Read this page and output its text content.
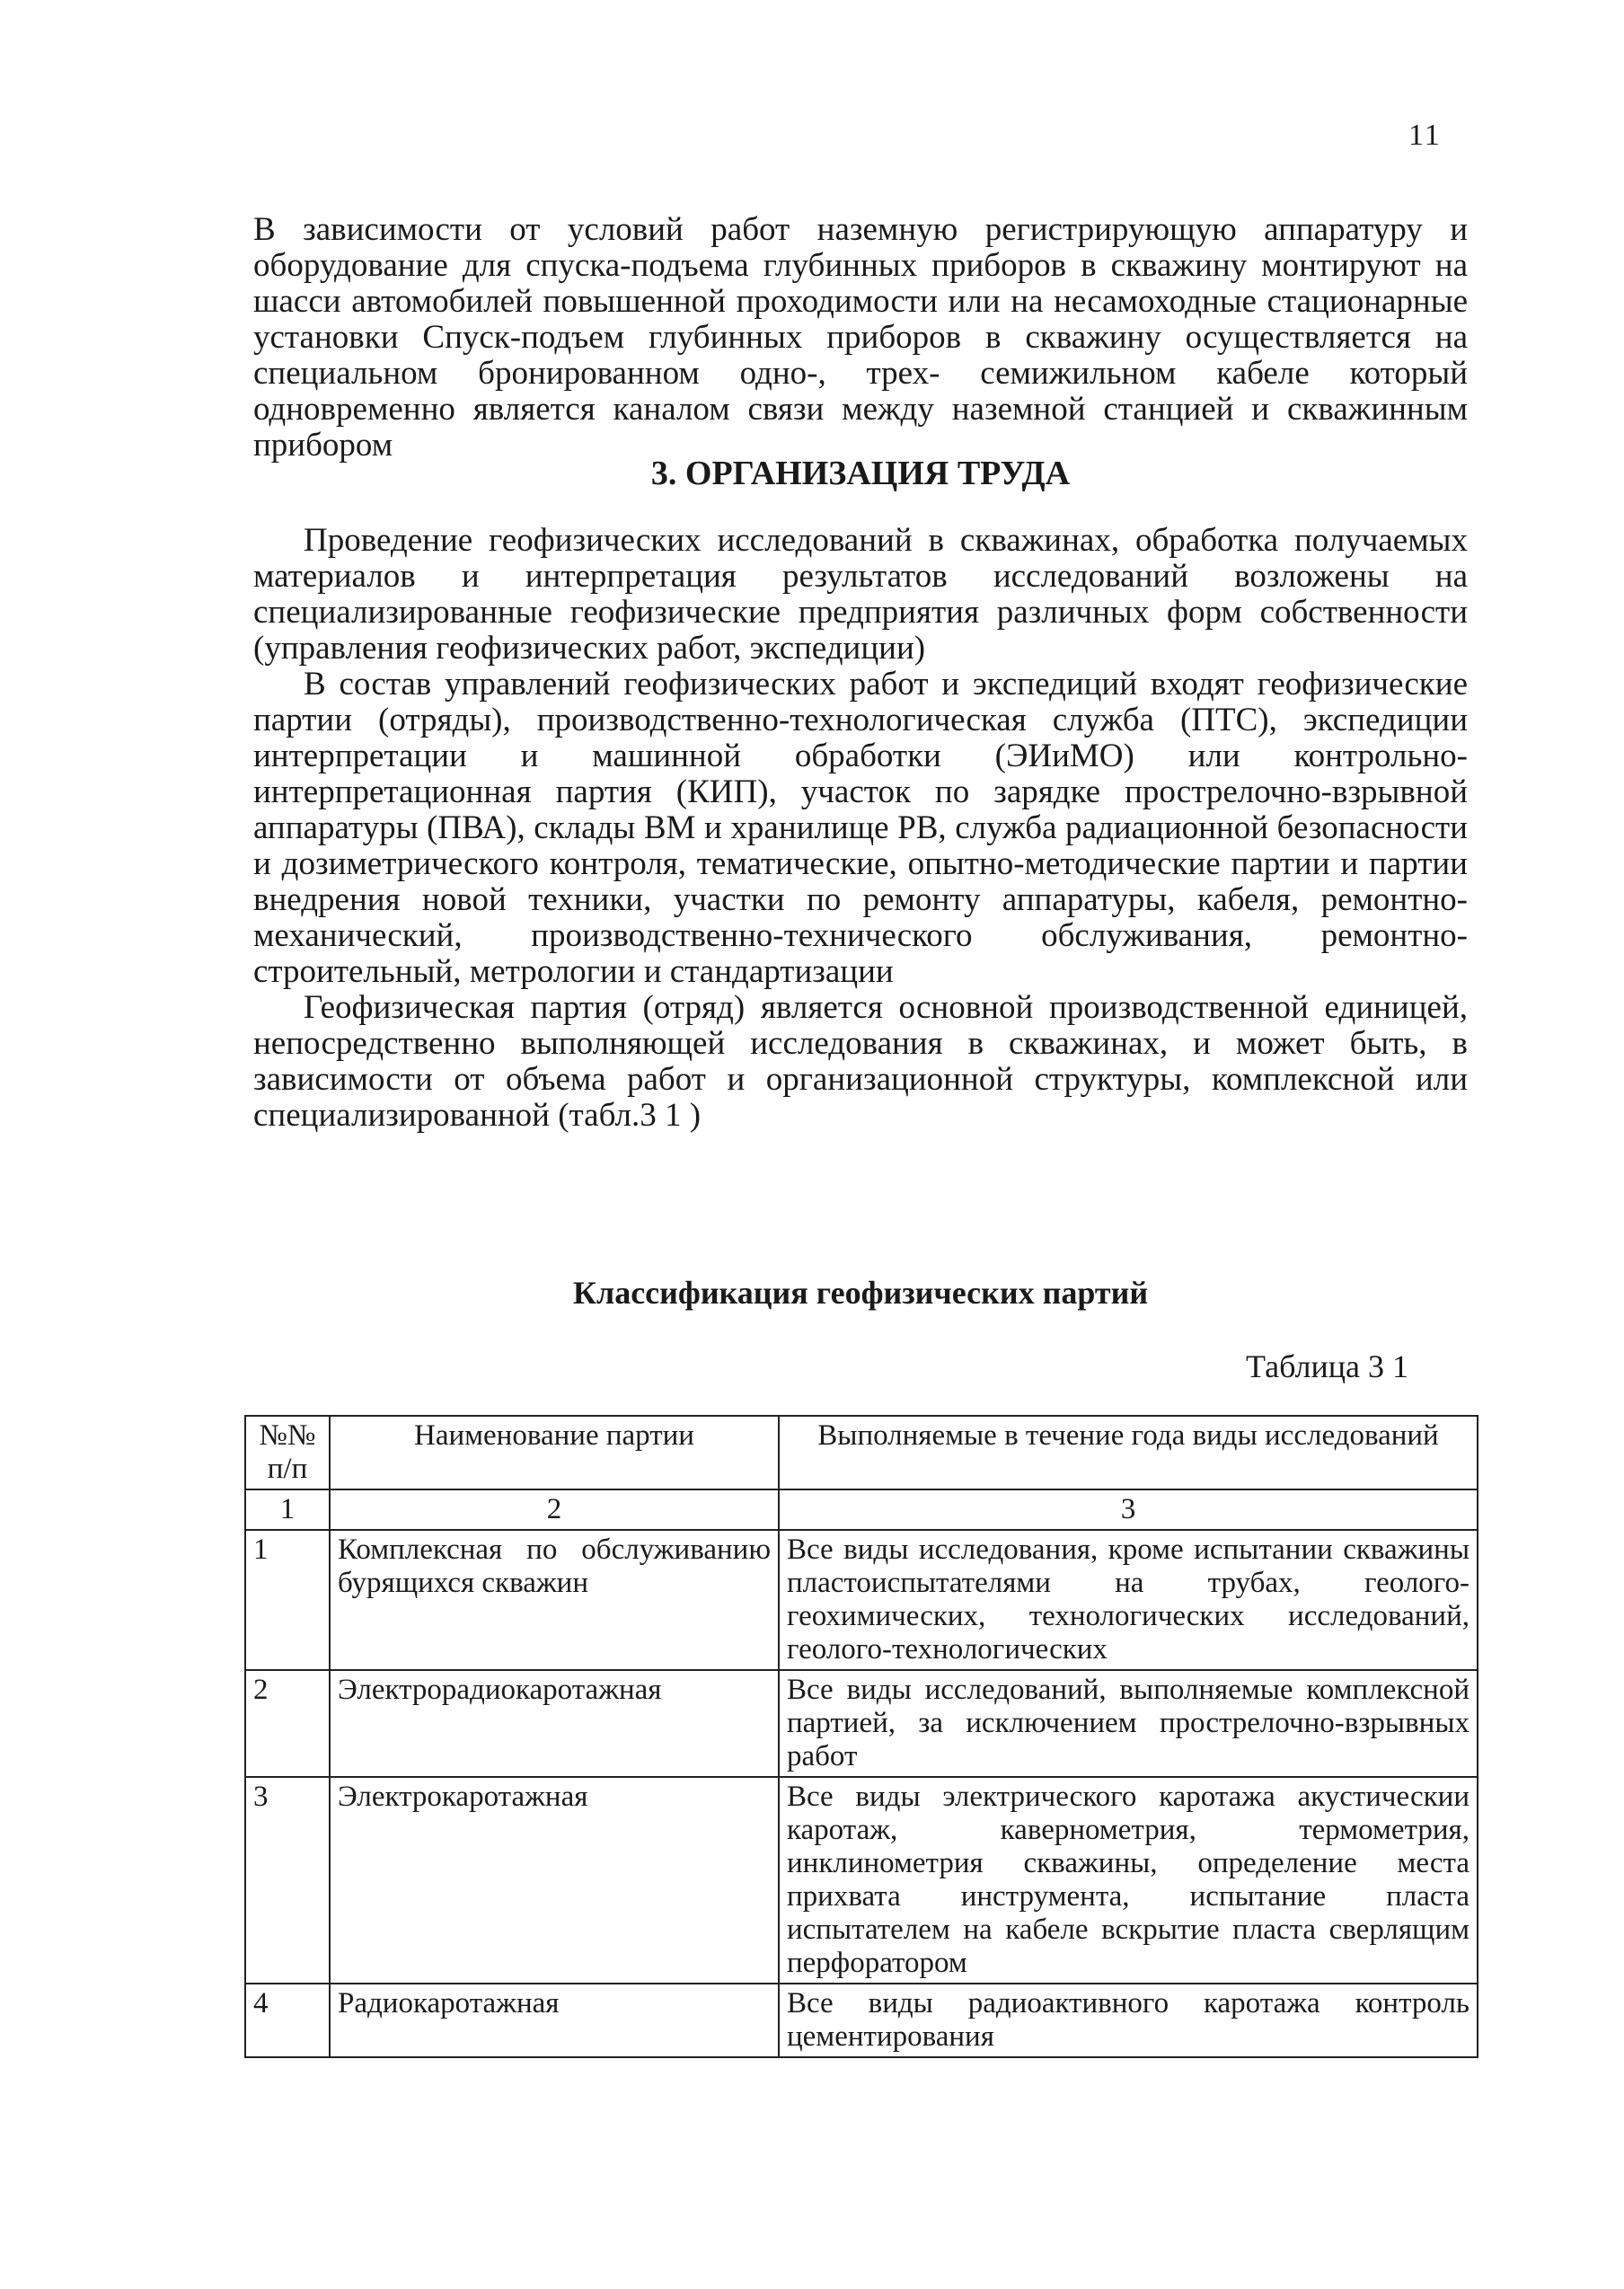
11

В зависимости от условий работ наземную регистрирующую аппаратуру и оборудование для спуска-подъема глубинных приборов в скважину монтируют на шасси автомобилей повышенной проходимости или на несамоходные стационарные установки Спуск-подъем глубинных приборов в скважину осуществляется на специальном бронированном одно-, трех- семижильном кабеле который одновременно является каналом связи между наземной станцией и скважинным прибором

3. ОРГАНИЗАЦИЯ ТРУДА

Проведение геофизических исследований в скважинах, обработка получаемых материалов и интерпретация результатов исследований возложены на специализированные геофизические предприятия различных форм собственности (управления геофизических работ, экспедиции)

В состав управлений геофизических работ и экспедиций входят геофизические партии (отряды), производственно-технологическая служба (ПТС), экспедиции интерпретации и машинной обработки (ЭИиМО) или контрольно-интерпретационная партия (КИП), участок по зарядке прострелочно-взрывной аппаратуры (ПВА), склады ВМ и хранилище РВ, служба радиационной безопасности и дозиметрического контроля, тематические, опытно-методические партии и партии внедрения новой техники, участки по ремонту аппаратуры, кабеля, ремонтно-механический, производственно-технического обслуживания, ремонтно-строительный, метрологии и стандартизации

Геофизическая партия (отряд) является основной производственной единицей, непосредственно выполняющей исследования в скважинах, и может быть, в зависимости от объема работ и организационной структуры, комплексной или специализированной (табл.3 1 )

Классификация геофизических партий
Таблица 3 1
№№ п/п	Наименование партии	Выполняемые в течение года виды исследований
1	2	3
1	Комплексная по обслуживанию бурящихся скважин	Все виды исследования, кроме испытании скважины пластоиспытателями на трубах, геолого-геохимических, технологических исследований, геолого-технологических
2	Электрорадиокаротажная	Все виды исследований, выполняемые комплексной партией, за исключением прострелочно-взрывных работ
3	Электрокаротажная	Все виды электрического каротажа акустическии каротаж, кавернометрия, термометрия, инклинометрия скважины, определение места прихвата инструмента, испытание пласта испытателем на кабеле вскрытие пласта сверлящим перфоратором
4	Радиокаротажная	Все виды радиоактивного каротажа контроль цементирования
